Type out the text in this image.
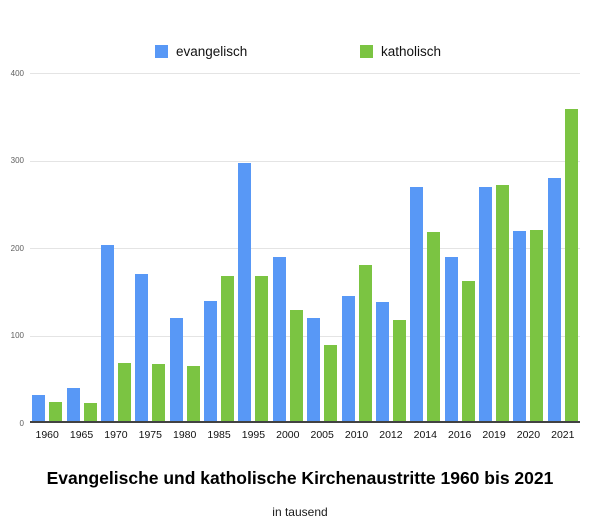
evangelisch	katholisch
0
100
200
300
400
1960	1965	1970	1975	1980	1985	1995	2000	2005	2010	2012	2014	2016	2019	2020	2021
Evangelische und katholische Kirchenaustritte 1960 bis 2021
in tausend
